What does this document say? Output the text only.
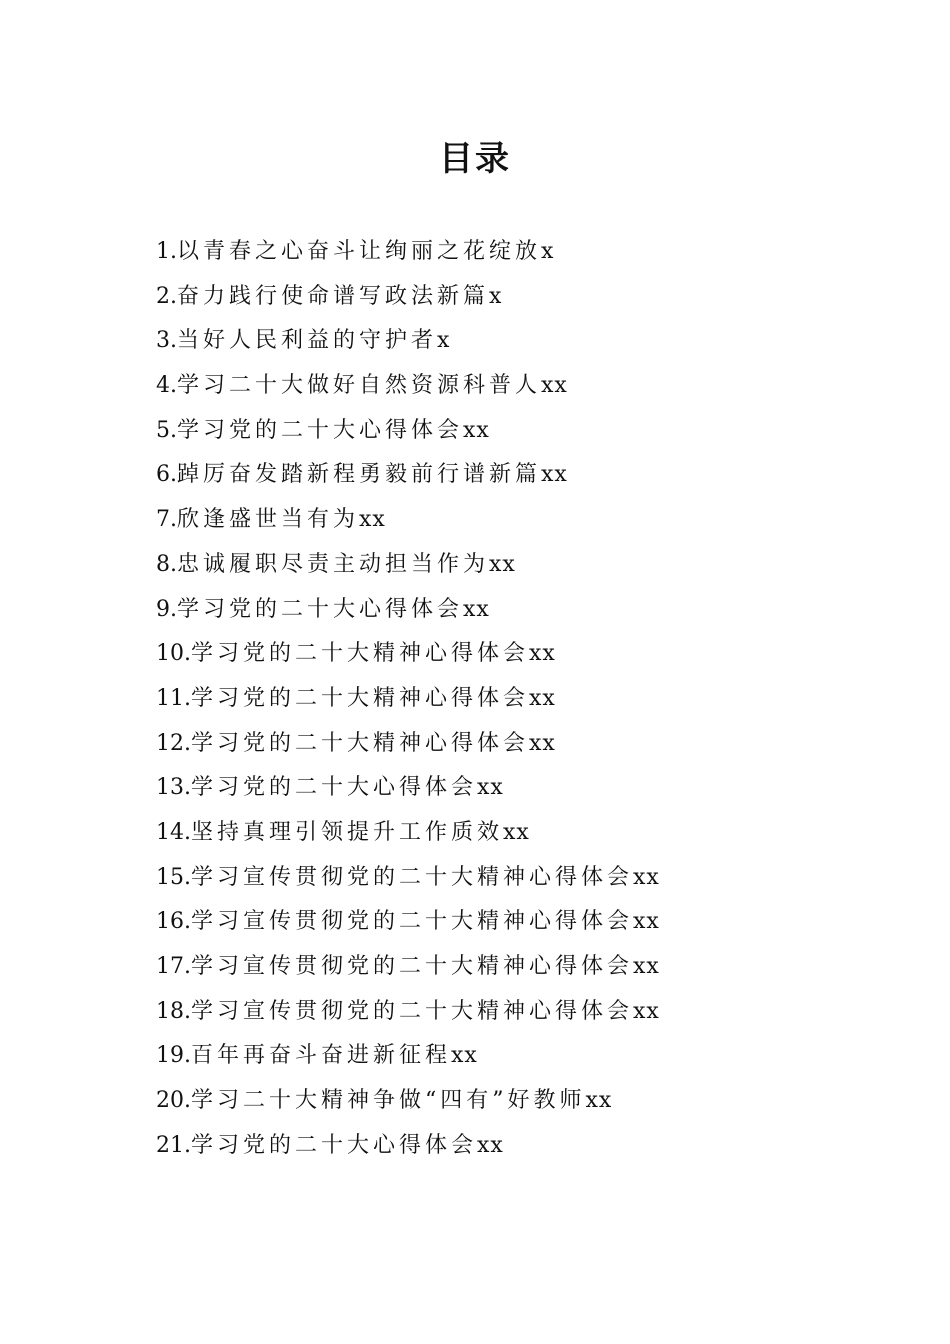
目录
1.以青春之心奋斗让绚丽之花绽放x
2.奋力践行使命谱写政法新篇x
3.当好人民利益的守护者x
4.学习二十大做好自然资源科普人xx
5.学习党的二十大心得体会xx
6.踔厉奋发踏新程勇毅前行谱新篇xx
7.欣逢盛世当有为xx
8.忠诚履职尽责主动担当作为xx
9.学习党的二十大心得体会xx
10.学习党的二十大精神心得体会xx
11.学习党的二十大精神心得体会xx
12.学习党的二十大精神心得体会xx
13.学习党的二十大心得体会xx
14.坚持真理引领提升工作质效xx
15.学习宣传贯彻党的二十大精神心得体会xx
16.学习宣传贯彻党的二十大精神心得体会xx
17.学习宣传贯彻党的二十大精神心得体会xx
18.学习宣传贯彻党的二十大精神心得体会xx
19.百年再奋斗奋进新征程xx
20.学习二十大精神争做“四有”好教师xx
21.学习党的二十大心得体会xx
